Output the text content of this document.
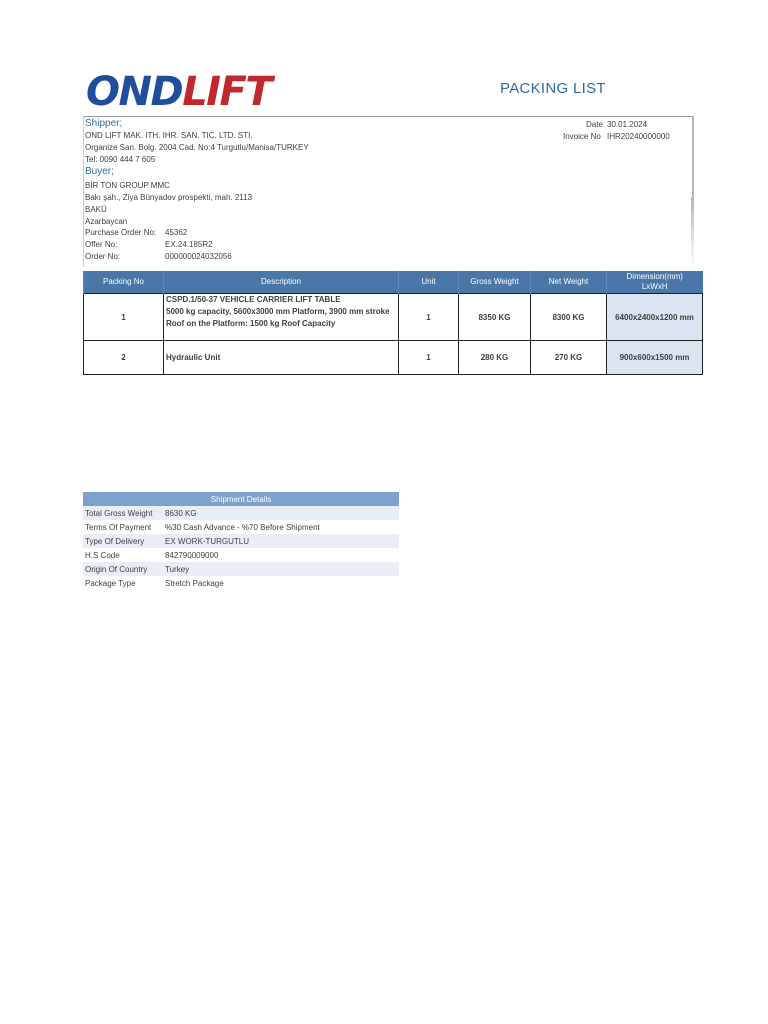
ONDLIFT	PACKING LIST
Shipper;
OND LIFT MAK. ITH. IHR. SAN. TIC. LTD. STI.
Organize San. Bolg. 2004 Cad. No:4 Turgutlu/Manisa/TURKEY
Tel: 0090 444 7 605
Buyer;
BİR TON GROUP MMC
Bakı şah., Ziya Bünyadov prospekti, mah. 2113
BAKÜ
Azarbaycan
Purchase Order No: 45362
Offer No:	EX.24.185R2
Order No:	000000024032056
Date 30.01.2024
Invoice No IHR20240000000
Packing No	Description	Unit	Gross Weight	Net Weight	Dimension(mm)
LxWxH

1	CSPD.1/50-37 VEHICLE CARRIER LIFT TABLE
5000 kg capacity, 5600x3000 mm Platform, 3900 mm stroke
Roof on the Platform: 1500 kg Roof Capacity	1	8350 KG	8300 KG	6400x2400x1200 mm
2	Hydraulic Unit	1	280 KG	270 KG	900x600x1500 mm
Shipment Details	
Total Gross Weight	8630 KG
Terms Of Payment	%30 Cash Advance - %70 Before Shipment
Type Of Delivery	EX WORK-TURGUTLU
H.S Code	842790009000
Origin Of Country	Turkey
Package Type	Stretch Package
